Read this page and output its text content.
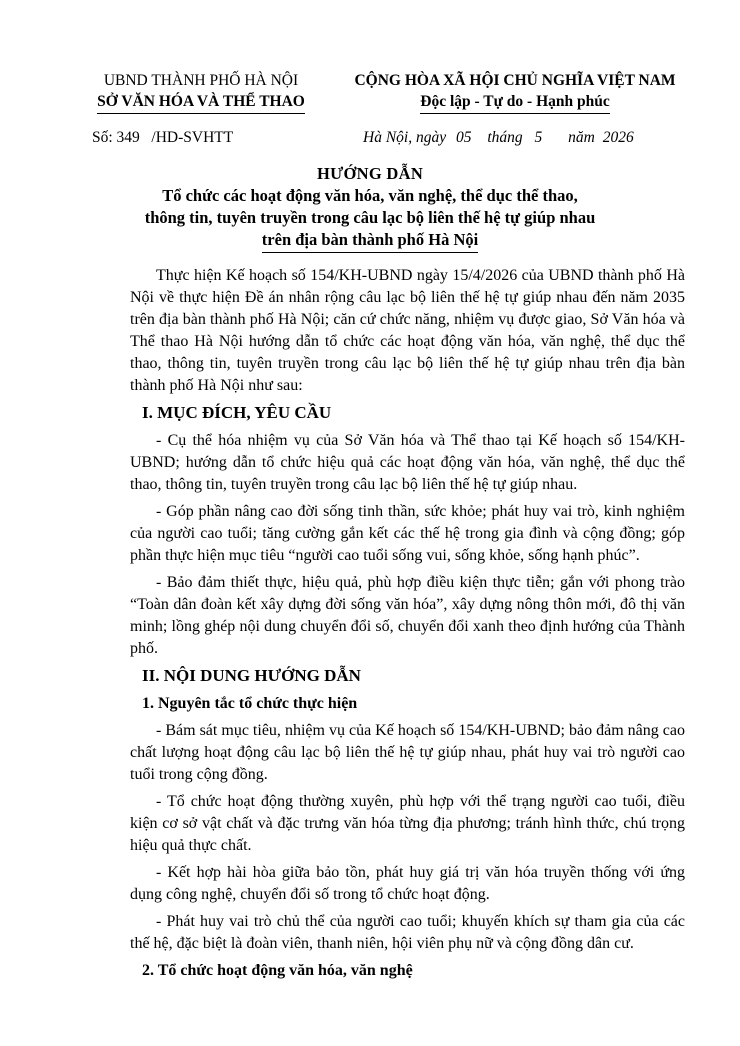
UBND THÀNH PHỐ HÀ NỘI
SỞ VĂN HÓA VÀ THỂ THAO
CỘNG HÒA XÃ HỘI CHỦ NGHĨA VIỆT NAM
Độc lập - Tự do - Hạnh phúc
Số: 349   /HD-SVHTT	Hà Nội, ngày 05 tháng 5 năm 2026
HƯỚNG DẪN
Tổ chức các hoạt động văn hóa, văn nghệ, thể dục thể thao,
thông tin, tuyên truyền trong câu lạc bộ liên thế hệ tự giúp nhau
trên địa bàn thành phố Hà Nội

Thực hiện Kế hoạch số 154/KH-UBND ngày 15/4/2026 của UBND thành phố Hà Nội về thực hiện Đề án nhân rộng câu lạc bộ liên thế hệ tự giúp nhau đến năm 2035 trên địa bàn thành phố Hà Nội; căn cứ chức năng, nhiệm vụ được giao, Sở Văn hóa và Thể thao Hà Nội hướng dẫn tổ chức các hoạt động văn hóa, văn nghệ, thể dục thể thao, thông tin, tuyên truyền trong câu lạc bộ liên thế hệ tự giúp nhau trên địa bàn thành phố Hà Nội như sau:

I. MỤC ĐÍCH, YÊU CẦU

- Cụ thể hóa nhiệm vụ của Sở Văn hóa và Thể thao tại Kế hoạch số 154/KH-UBND; hướng dẫn tổ chức hiệu quả các hoạt động văn hóa, văn nghệ, thể dục thể thao, thông tin, tuyên truyền trong câu lạc bộ liên thế hệ tự giúp nhau.

- Góp phần nâng cao đời sống tinh thần, sức khỏe; phát huy vai trò, kinh nghiệm của người cao tuổi; tăng cường gắn kết các thế hệ trong gia đình và cộng đồng; góp phần thực hiện mục tiêu “người cao tuổi sống vui, sống khỏe, sống hạnh phúc”.

- Bảo đảm thiết thực, hiệu quả, phù hợp điều kiện thực tiễn; gắn với phong trào “Toàn dân đoàn kết xây dựng đời sống văn hóa”, xây dựng nông thôn mới, đô thị văn minh; lồng ghép nội dung chuyển đổi số, chuyển đổi xanh theo định hướng của Thành phố.

II. NỘI DUNG HƯỚNG DẪN

1. Nguyên tắc tổ chức thực hiện

- Bám sát mục tiêu, nhiệm vụ của Kế hoạch số 154/KH-UBND; bảo đảm nâng cao chất lượng hoạt động câu lạc bộ liên thế hệ tự giúp nhau, phát huy vai trò người cao tuổi trong cộng đồng.

- Tổ chức hoạt động thường xuyên, phù hợp với thể trạng người cao tuổi, điều kiện cơ sở vật chất và đặc trưng văn hóa từng địa phương; tránh hình thức, chú trọng hiệu quả thực chất.

- Kết hợp hài hòa giữa bảo tồn, phát huy giá trị văn hóa truyền thống với ứng dụng công nghệ, chuyển đổi số trong tổ chức hoạt động.

- Phát huy vai trò chủ thể của người cao tuổi; khuyến khích sự tham gia của các thế hệ, đặc biệt là đoàn viên, thanh niên, hội viên phụ nữ và cộng đồng dân cư.

2. Tổ chức hoạt động văn hóa, văn nghệ
